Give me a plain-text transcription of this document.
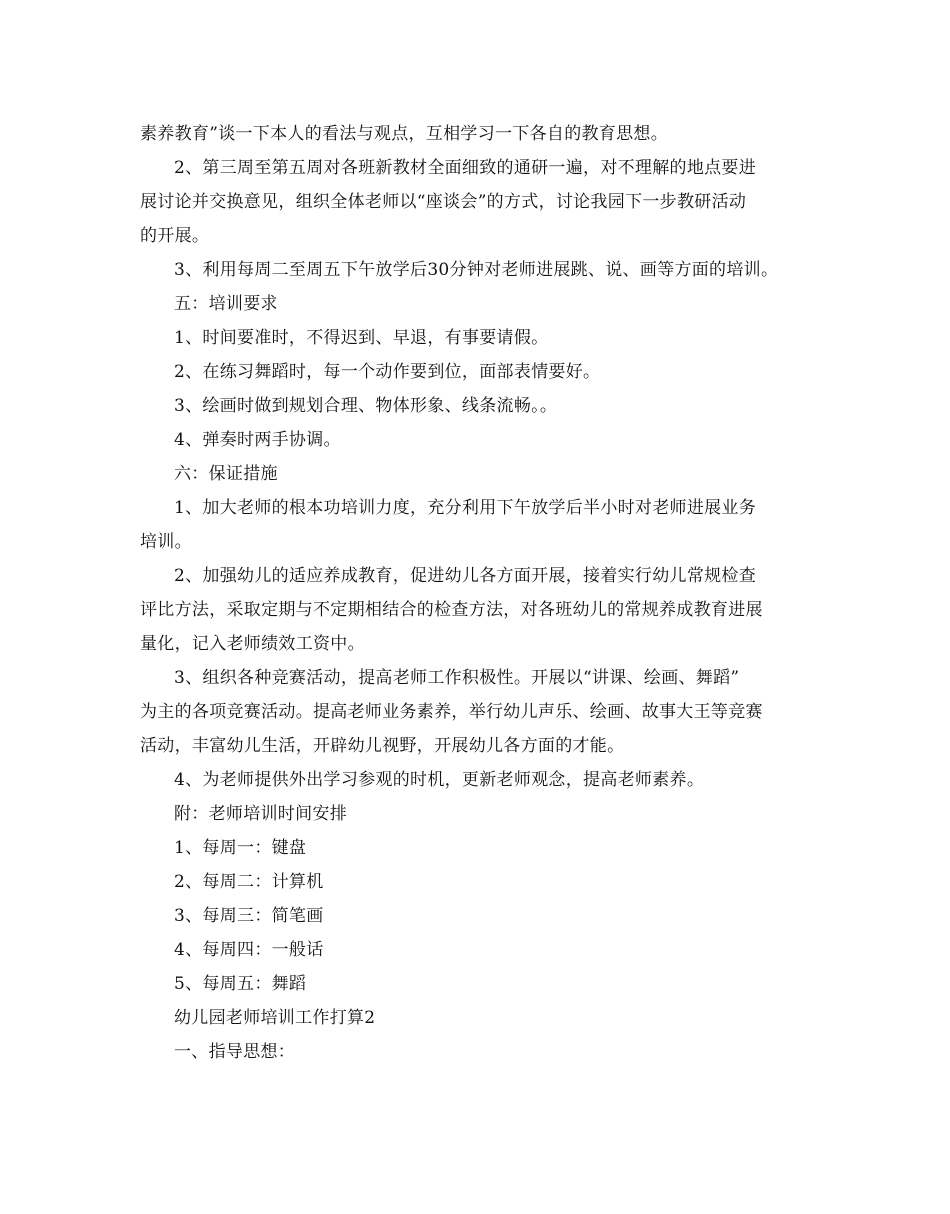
素养教育”谈一下本人的看法与观点，互相学习一下各自的教育思想。
2、第三周至第五周对各班新教材全面细致的通研一遍，对不理解的地点要进
展讨论并交换意见，组织全体老师以“座谈会”的方式，讨论我园下一步教研活动
的开展。
3、利用每周二至周五下午放学后30分钟对老师进展跳、说、画等方面的培训。
五：培训要求
1、时间要准时，不得迟到、早退，有事要请假。
2、在练习舞蹈时，每一个动作要到位，面部表情要好。
3、绘画时做到规划合理、物体形象、线条流畅。。
4、弹奏时两手协调。
六：保证措施
1、加大老师的根本功培训力度，充分利用下午放学后半小时对老师进展业务
培训。
2、加强幼儿的适应养成教育，促进幼儿各方面开展，接着实行幼儿常规检查
评比方法，采取定期与不定期相结合的检查方法，对各班幼儿的常规养成教育进展
量化，记入老师绩效工资中。
3、组织各种竞赛活动，提高老师工作积极性。开展以“讲课、绘画、舞蹈”
为主的各项竞赛活动。提高老师业务素养，举行幼儿声乐、绘画、故事大王等竞赛
活动，丰富幼儿生活，开辟幼儿视野，开展幼儿各方面的才能。
4、为老师提供外出学习参观的时机，更新老师观念，提高老师素养。
附：老师培训时间安排
1、每周一：键盘
2、每周二：计算机
3、每周三：简笔画
4、每周四：一般话
5、每周五：舞蹈
幼儿园老师培训工作打算2
一、指导思想：
